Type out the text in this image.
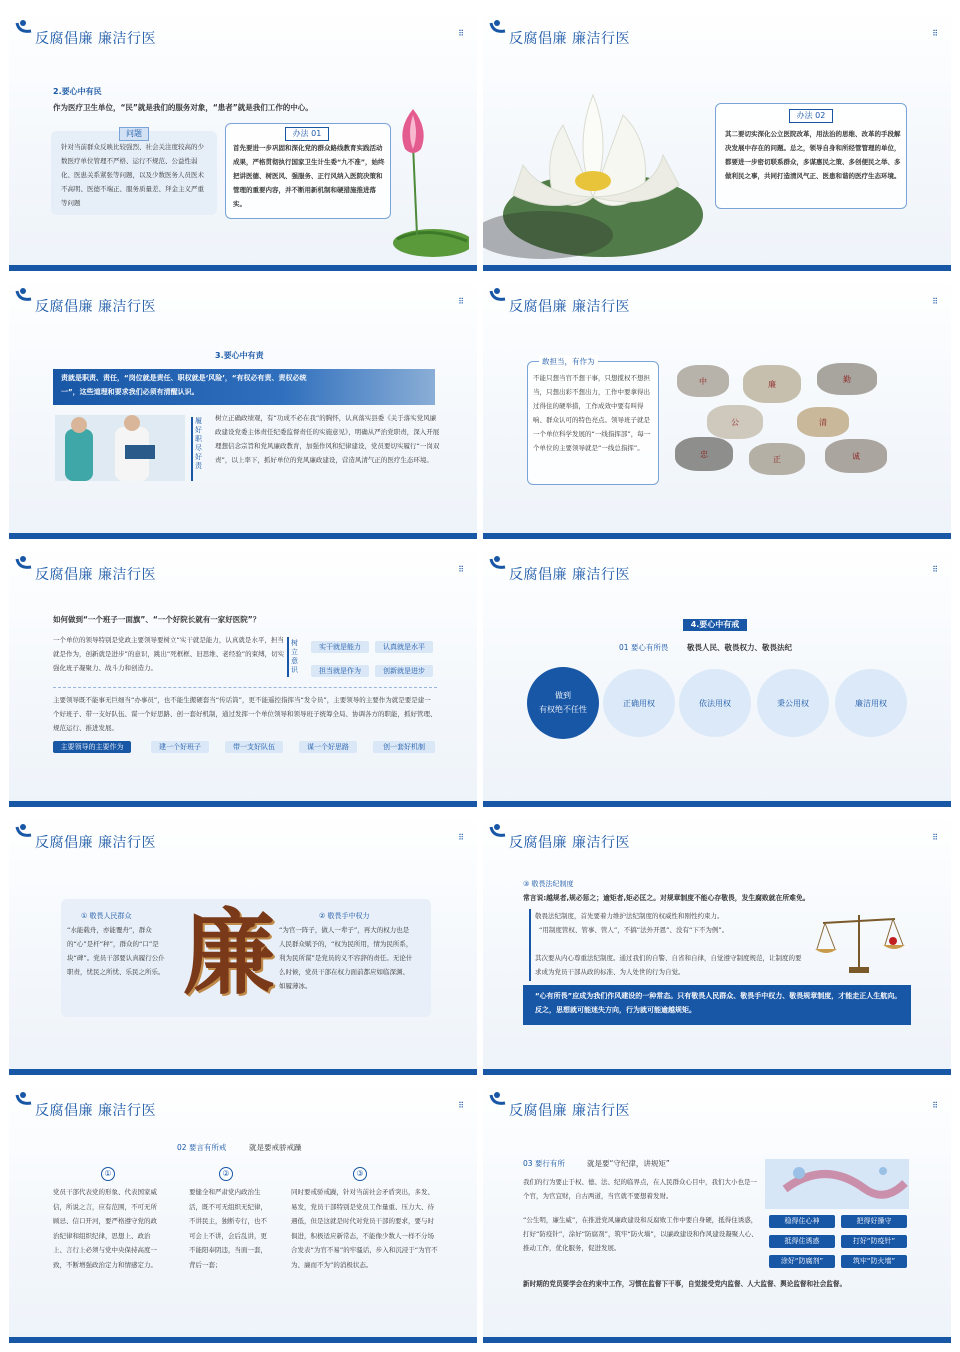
反腐倡廉 廉洁行医	⠿
2.要心中有民
作为医疗卫生单位，“民”就是我们的服务对象，“患者”就是我们工作的中心。
问题
针对当前群众反映比较强烈、社会关注度较高的少数医疗单位管理不严格、运行不规范、公益性弱化、医患关系紧张等问题，以及少数医务人员医术不高明、医德不端正、服务质量差、拜金主义严重等问题
办法 01
首先要进一步巩固和深化党的群众路线教育实践活动成果，严格贯彻执行国家卫生计生委“九不准”，始终把讲医德、树医风、强服务、正行风纳入医院决策和管理的重要内容，并不断用新机制和硬措施推进落实。
反腐倡廉 廉洁行医	⠿
办法 02
其二要切实深化公立医院改革，用法治的思维、改革的手段解决发展中存在的问题。总之，领导自身和所经管管理的单位，都要进一步密切联系群众，多谋惠民之策、多创便民之举、多做利民之事，共同打造清风气正、医患和谐的医疗生态环境。
反腐倡廉 廉洁行医	⠿
3.要心中有责
责就是职责、责任，“岗位就是责任、职权就是‘风险’，“有权必有责、责权必统一”，这些道理和要求我们必须有清醒认识。
履好职 尽好责
树立正确政绩观，有“功成不必在我”的胸怀，认真落实县委《关于落实党风廉政建设党委主体责任纪委监督责任的实施意见》，明确从严治党职责，深入开展理想信念宗旨和党风廉政教育，加强作风和纪律建设，党员要切实履行“一岗双责”，以上率下，抓好单位的党风廉政建设，营造风清气正的医疗生态环境。
反腐倡廉 廉洁行医	⠿
敢担当，有作为
不能只想当官不想干事，只想揽权不想担当，只想出彩不想出力，工作中要拿得出过得住的硬举措，工作成效中要有叫得响、群众认可的特色亮点。领导班子就是一个单位科学发展的“一线指挥部”，每一个单位的主要领导就是“一线总指挥”。
中	廉
勤
公	清
忠
正	诚
反腐倡廉 廉洁行医	⠿
如何做到“一个班子一面旗”、“一个好院长就有一家好医院”？
一个单位的领导特别是党政主要领导要树立“实干就是能力，认真就是水平，担当就是作为，创新就是进步”的意识，跳出“死框框、旧思维、老经验”的束缚，切实强化班子凝聚力、战斗力和创造力。
树立意识
实干就是能力	认真就是水平
担当就是作为	创新就是进步
主要领导既不能事无巨细当“办事员”，也不能生搬硬套当“传话筒”，更不能遥控指挥当“发令员”，主要领导的主要作为就是要是建一个好班子、带一支好队伍、谋一个好思路、创一套好机制，通过发挥一个单位领导和领导班子统筹全局、协调各方的职能，抓好管理、规范运行、推进发展。
主要领导的主要作为	建一个好班子	带一支好队伍	谋一个好思路	创一套好机制
反腐倡廉 廉洁行医	⠿
4.要心中有戒
01 要心有所畏 敬畏人民、敬畏权力、敬畏法纪
做到
有权绝不任性
正确用权	依法用权	秉公用权	廉洁用权
反腐倡廉 廉洁行医	⠿
① 敬畏人民群众
“水能载舟，亦能覆舟”，群众的“心”是杆“秤”，群众的“口”是块“碑”。党员干部要认真履行公仆职责，忧民之所忧、乐民之所乐。 廉	② 敬畏手中权力
“为官一阵子，做人一辈子”，再大的权力也是人民群众赋予的，“权为民所用，情为民所系，利为民所谋”是党员的义不容辞的责任。无论什么时候，党员干部在权力面前都应如临深渊、如履薄冰。
反腐倡廉 廉洁行医	⠿
③ 敬畏法纪制度
常言说:越规者,规必惩之；逾矩者,矩必匡之。对规章制度不能心存敬畏，发生腐败就在所难免。
敬畏法纪制度，首先要着力维护法纪制度的权威性和刚性约束力。
“用制度管权、管事、管人”，不搞“法外开恩”、没有“下不为例”。
其次要从内心尊重法纪制度。通过我们的自警、自省和自律，自觉遵守制度规范，让制度的要求成为党员干部从政的标准、为人处世的行为自觉。
“心有所畏”应成为我们作风建设的一种常态。只有敬畏人民群众、敬畏手中权力、敬畏规章制度，才能走正人生航向。反之，思想就可能迷失方向，行为就可能逾越规矩。
反腐倡廉 廉洁行医	⠿
02 要言有所戒	就是要戒骄戒躁
①	②	③
党员干部代表党的形象、代表国家威信，所说之言，应有范围，不可无所顾忌、信口开河，要严格遵守党的政治纪律和组织纪律，思想上、政治上、言行上必须与党中央保持高度一致，不断增强政治定力和情感定力。
要健全和严肃党内政治生活，既不可无组织无纪律，不讲民主，独断专行，也不可会上不讲，会后乱讲，更不能阳奉阴违，当面一套，背后一套；
同时要戒骄戒躁，针对当前社会矛盾突出，多发、易发，党员干部特别是党员工作量重、压力大、待遇低，但是这就是时代对党员干部的要求，要与时俱进，积极适应新常态，不能像少数人一样不分场合发表“为官不易”的牢骚话，步入和沉浸于“为官不为、廉而不为”的消极状态。
反腐倡廉 廉洁行医	⠿
03 要行有所	就是要“守纪律，讲规矩”
我们的行为要止于权、德、法、纪的临界点，在人民群众心目中，我们大小也是一个官，为官宜财，自古两道，当官就不要想着发财。
“公生明，廉生威”，在推进党风廉政建设和反腐败工作中要自身硬，抵得住诱惑，打好“防疫针”，涂好“防腐剂”，筑牢“防火墙”，以廉政建设和作风建设凝聚人心、推动工作，优化服务，促进发展。
稳得住心神	把得好操守
抵得住诱惑	打好“防疫针”
涂好“防腐剂”	筑牢“防火墙”
新时期的党员要学会在约束中工作，习惯在监督下干事，自觉接受党内监督、人大监督、舆论监督和社会监督。
